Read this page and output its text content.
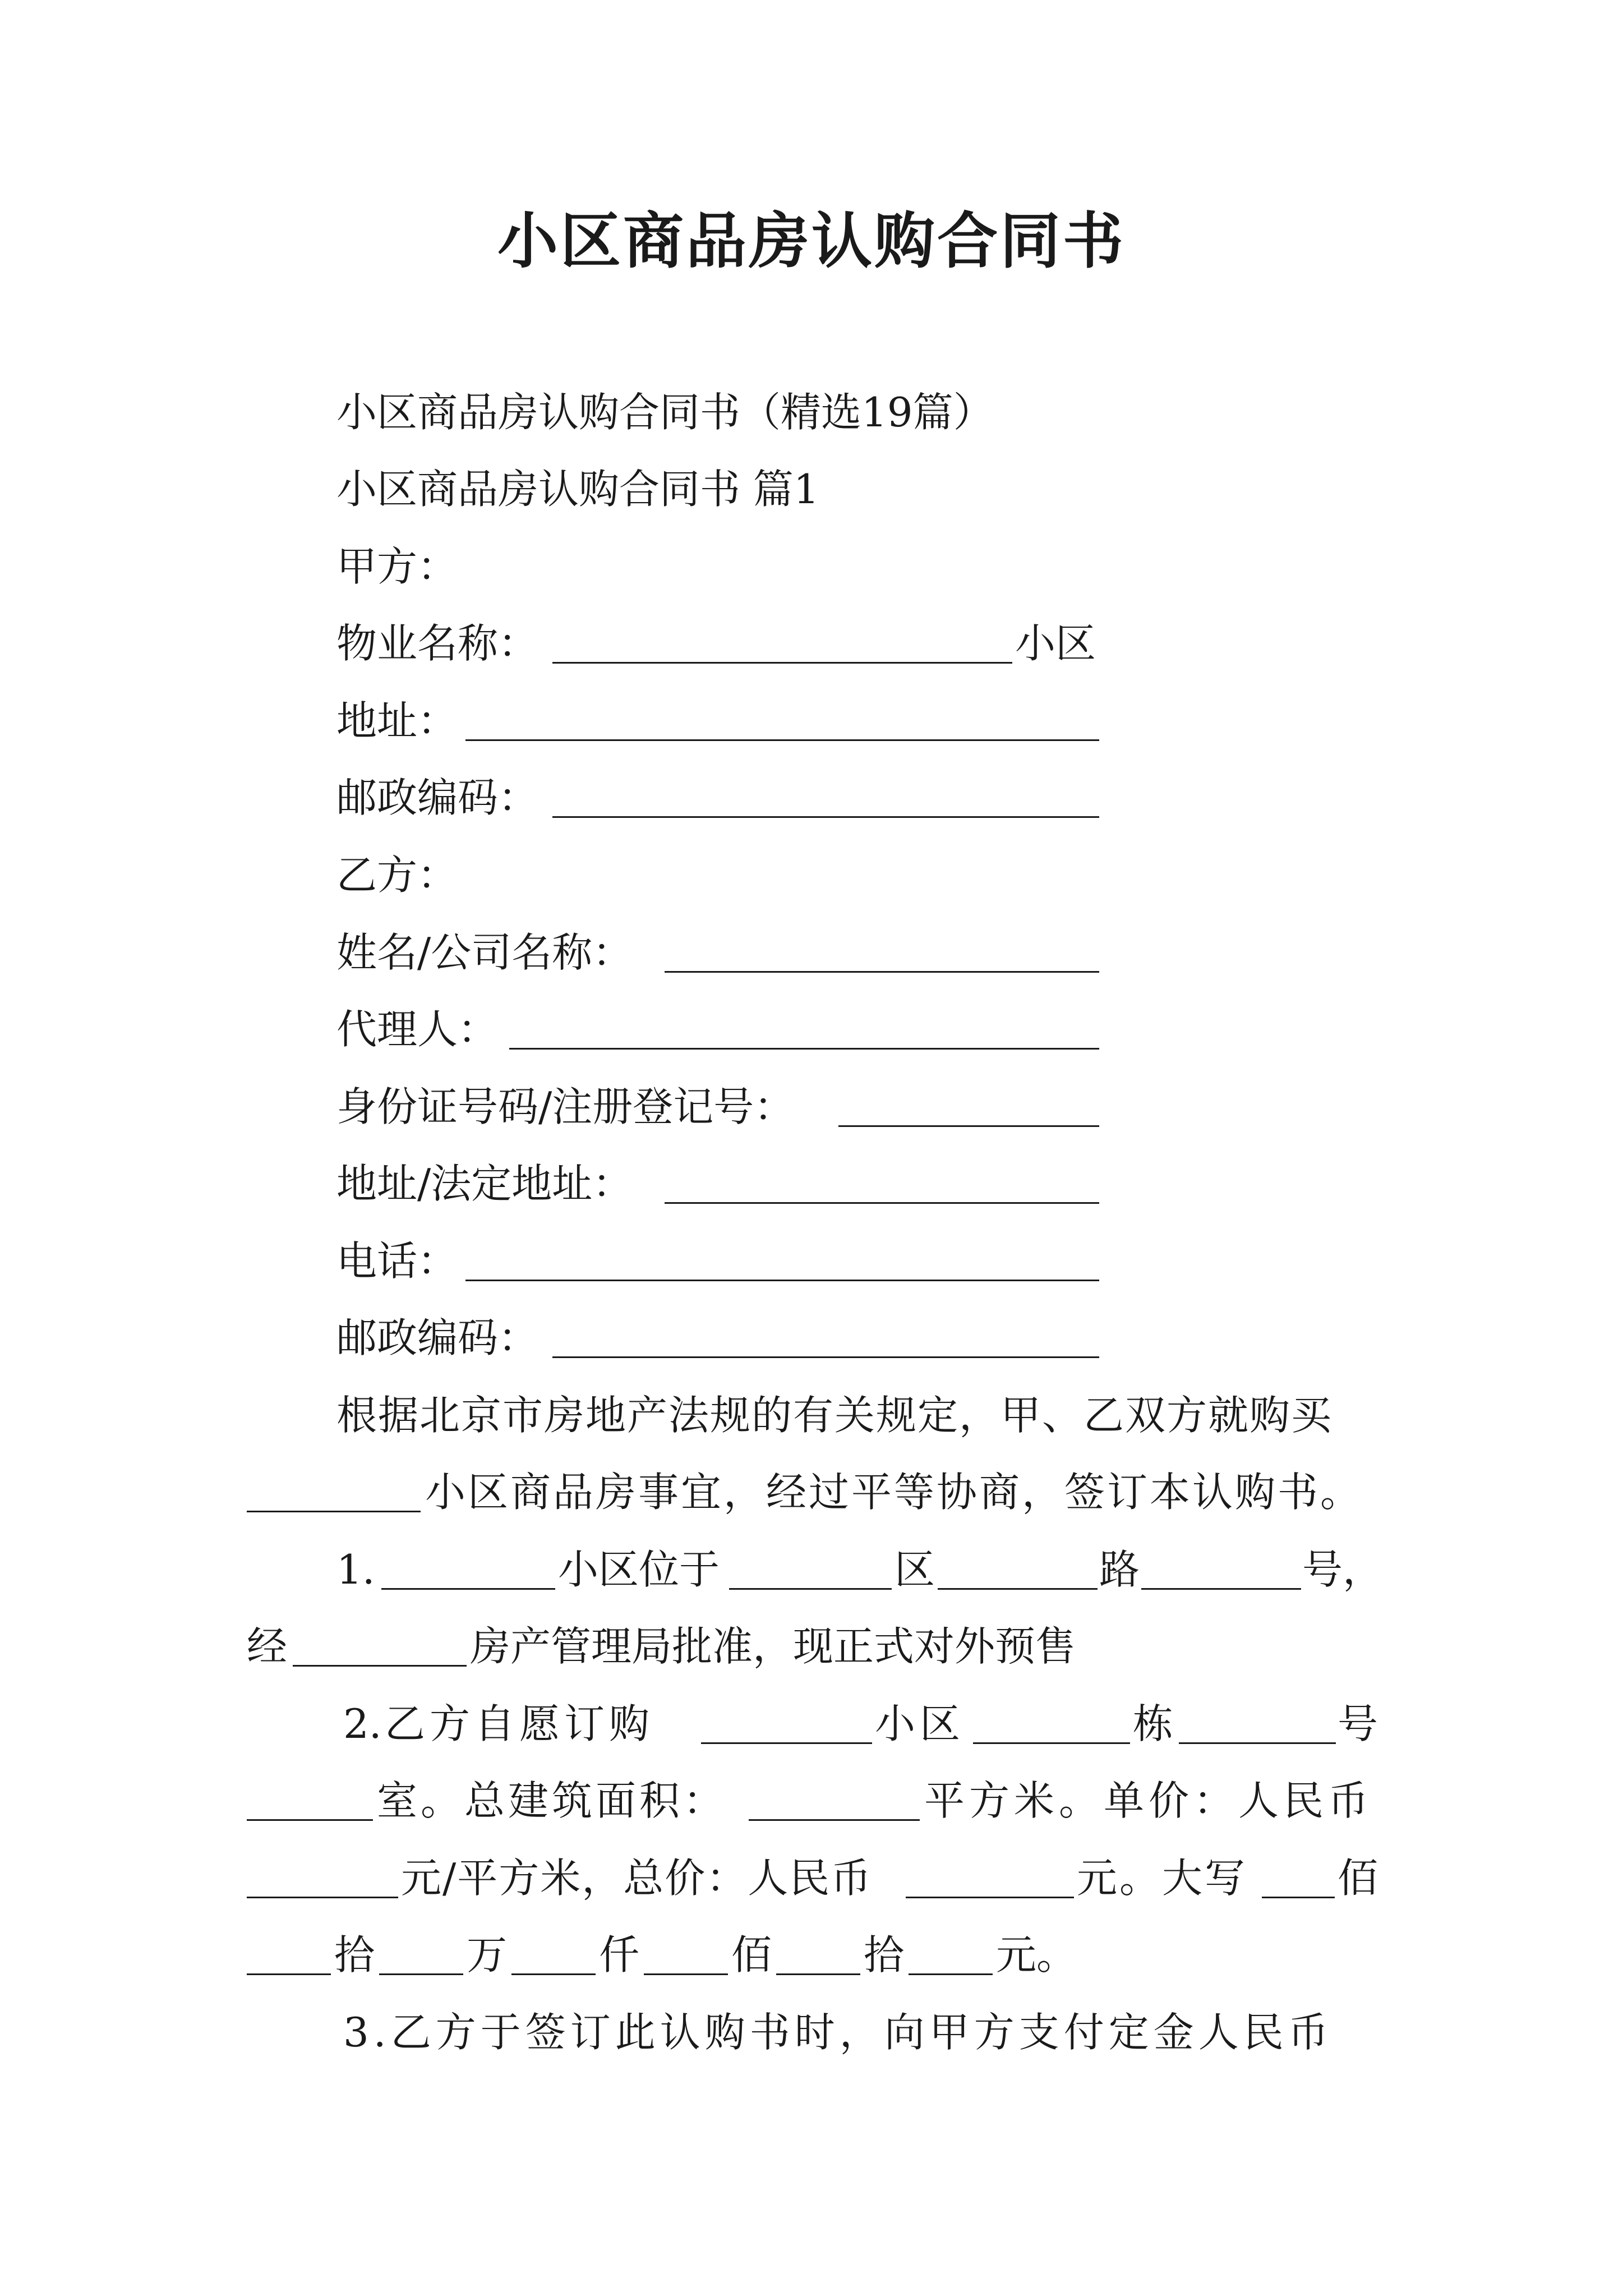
小区商品房认购合同书
小区商品房认购合同书（精选19篇）
小区商品房认购合同书 篇1
甲方：
物业名称：	小区
地址：
邮政编码：
乙方：
姓名/公司名称：
代理人：
身份证号码/注册登记号：
地址/法定地址：
电话：
邮政编码：
根据北京市房地产法规的有关规定，甲、乙双方就购买
小区商品房事宜，经过平等协商，签订本认购书。
1.	小区位于	区	路	号，
经	房产管理局批准，现正式对外预售
2. 乙方自愿订购	小区	栋	号
室。总建筑面积：	平方米。单价：人民币
元/平方米，总价：人民币	元。大写 佰
拾 万 仟 佰 拾 元。
3.乙方于签订此认购书时，向甲方支付定金人民币
